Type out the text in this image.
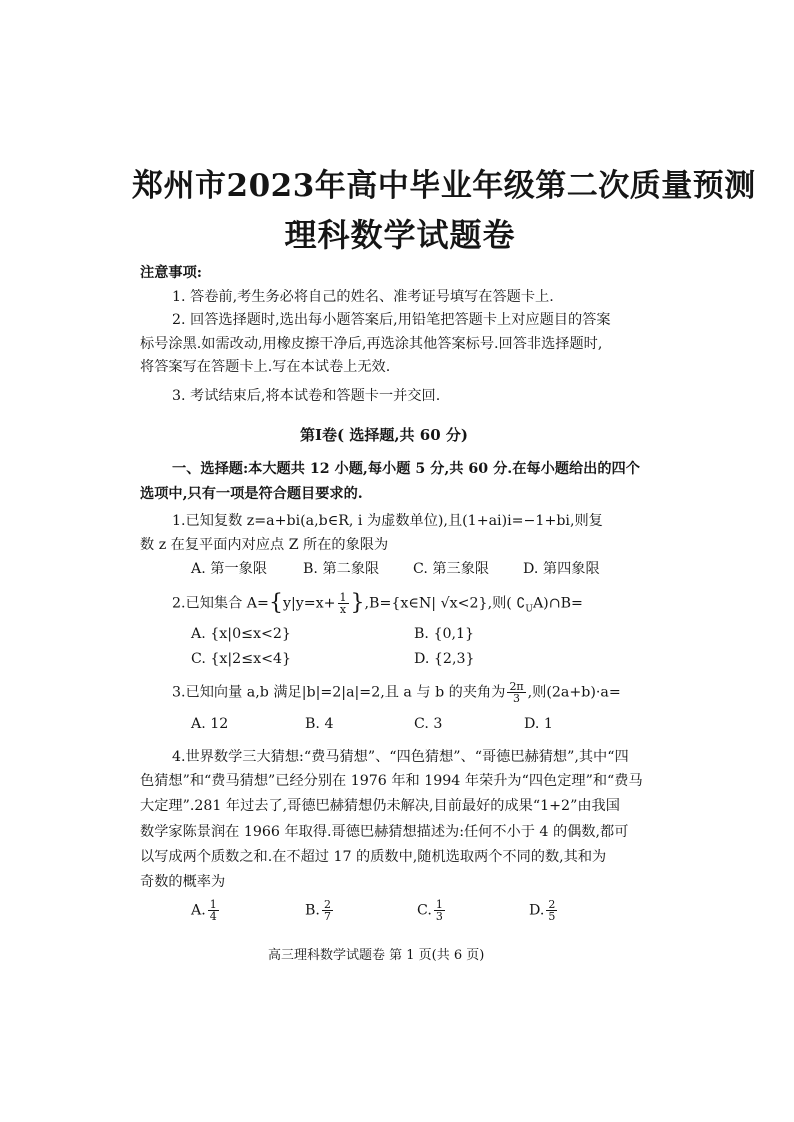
郑州市2023年高中毕业年级第二次质量预测
理科数学试题卷
注意事项:
1. 答卷前,考生务必将自己的姓名、准考证号填写在答题卡上.
2. 回答选择题时,选出每小题答案后,用铅笔把答题卡上对应题目的答案
标号涂黑.如需改动,用橡皮擦干净后,再选涂其他答案标号.回答非选择题时,
将答案写在答题卡上.写在本试卷上无效.
3. 考试结束后,将本试卷和答题卡一并交回.
第Ⅰ卷( 选择题,共 60 分)
一、选择题:本大题共 12 小题,每小题 5 分,共 60 分.在每小题给出的四个
选项中,只有一项是符合题目要求的.
1.已知复数 z=a+bi(a,b∈R, i 为虚数单位),且(1+ai)i=−1+bi,则复
数 z 在复平面内对应点 Z 所在的象限为
A. 第一象限	B. 第二象限 C. 第三象限 D. 第四象限
2.已知集合 $A=\{y|y=x+ \frac{1}{x}$ },B={x∈N| √x<2},则( $∁_UA)\cap B=$
A. {x|0≤x<2}	B. {0,1}
C. {x|2≤x<4}	D. {2,3}
3.已知向量 a,b 满足|b|=2|a|=2,且 a 与 b 的夹角为 $\frac{2\pi}{3}$ ,则(2a+b)·a=
A. 12	B. 4	C. 3	D. 1
4.世界数学三大猜想:“费马猜想”、“四色猜想”、“哥德巴赫猜想”,其中“四
色猜想”和“费马猜想”已经分别在 1976 年和 1994 年荣升为“四色定理”和“费马
大定理”.281 年过去了,哥德巴赫猜想仍未解决,目前最好的成果“1+2”由我国
数学家陈景润在 1966 年取得.哥德巴赫猜想描述为:任何不小于 4 的偶数,都可
以写成两个质数之和.在不超过 17 的质数中,随机选取两个不同的数,其和为
奇数的概率为
A. $\frac{1}{4}$	B. $\frac{2}{7}$	C. $\frac{1}{3}$	D. $\frac{2}{5}$
高三理科数学试题卷 第 1 页(共 6 页)
